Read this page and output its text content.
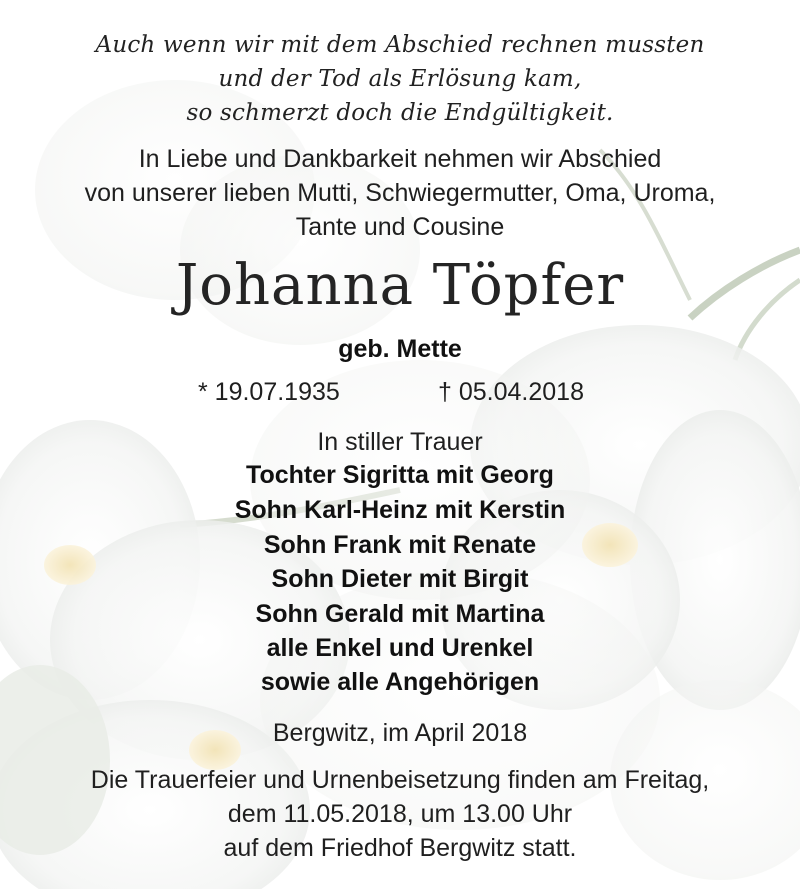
Auch wenn wir mit dem Abschied rechnen mussten
und der Tod als Erlösung kam,
so schmerzt doch die Endgültigkeit.
In Liebe und Dankbarkeit nehmen wir Abschied
von unserer lieben Mutti, Schwiegermutter, Oma, Uroma,
Tante und Cousine
Johanna Töpfer
geb. Mette
* 19.07.1935	† 05.04.2018
In stiller Trauer
Tochter Sigritta mit Georg
Sohn Karl-Heinz mit Kerstin
Sohn Frank mit Renate
Sohn Dieter mit Birgit
Sohn Gerald mit Martina
alle Enkel und Urenkel
sowie alle Angehörigen
Bergwitz, im April 2018
Die Trauerfeier und Urnenbeisetzung finden am Freitag,
dem 11.05.2018, um 13.00 Uhr
auf dem Friedhof Bergwitz statt.
